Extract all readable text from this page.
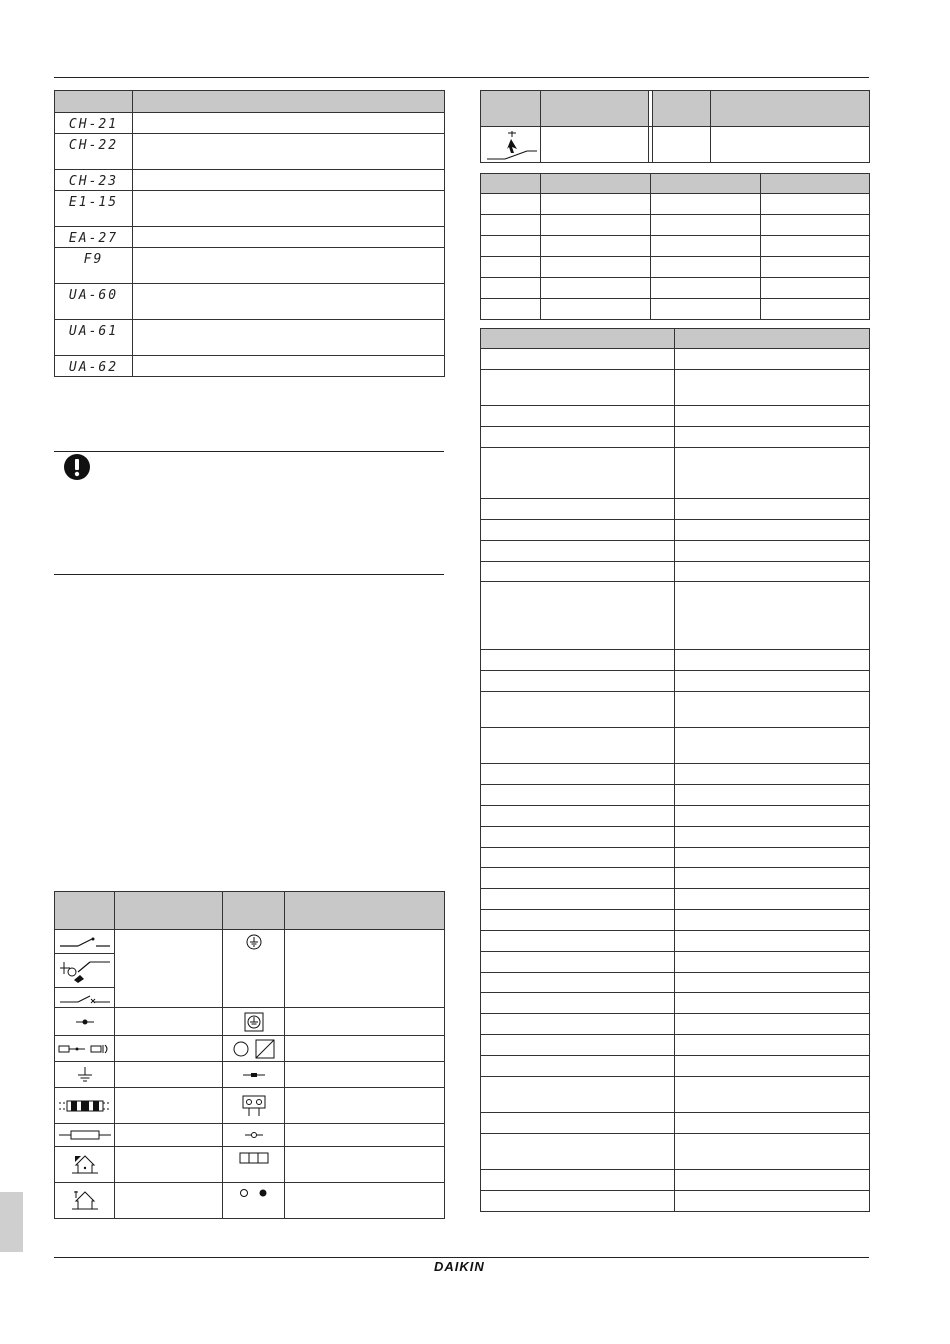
CH-21	
CH-22	
CH-23	
E1-15	
EA-27	
F9	
UA-60	
UA-61	
UA-62	

DAIKIN
